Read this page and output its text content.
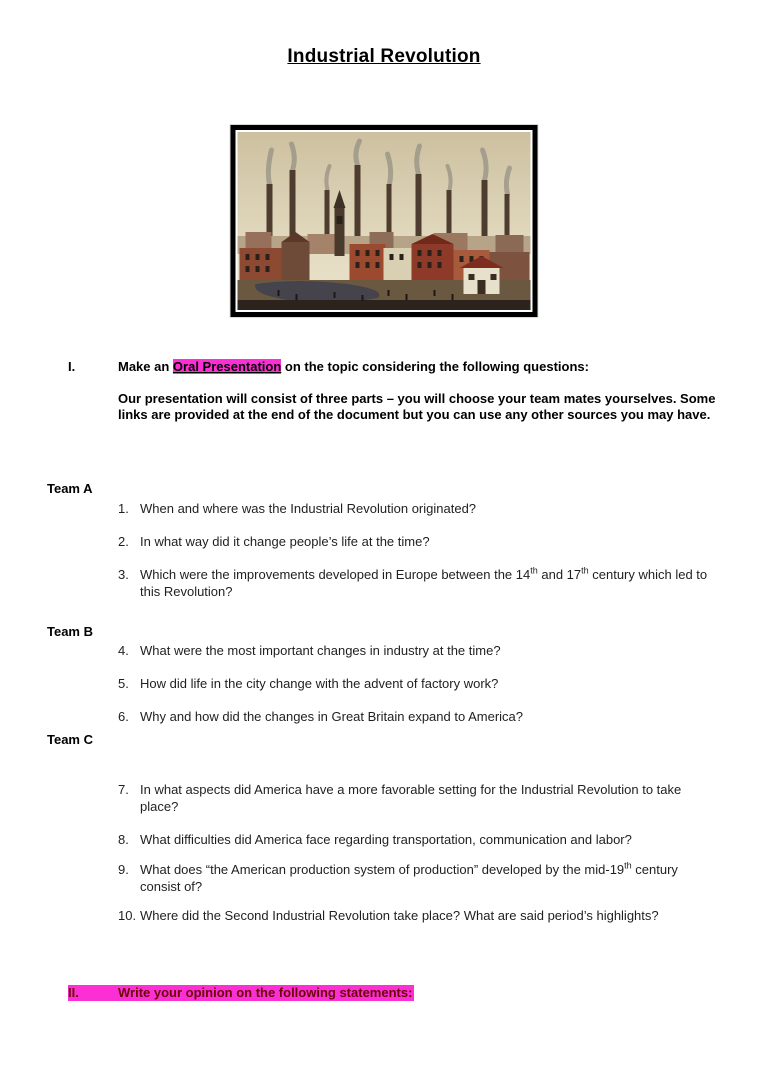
Industrial Revolution
I.	Make an Oral Presentation on the topic considering the following questions:

Our presentation will consist of three parts – you will choose your team mates yourselves. Some links are provided at the end of the document but you can use any other sources you may have.

Team A
1. When and where was the Industrial Revolution originated?
2. In what way did it change people’s life at the time?
3. Which were the improvements developed in Europe between the 14th and 17th century which led to this Revolution?
Team B
4. What were the most important changes in industry at the time?
5. How did life in the city change with the advent of factory work?
6. Why and how did the changes in Great Britain expand to America?
Team C
7. In what aspects did America have a more favorable setting for the Industrial Revolution to take place?
8. What difficulties did America face regarding transportation, communication and labor?
9. What does “the American production system of production” developed by the mid-19th century consist of?
10. Where did the Second Industrial Revolution take place? What are said period’s highlights?
II.	Write your opinion on the following statements:
